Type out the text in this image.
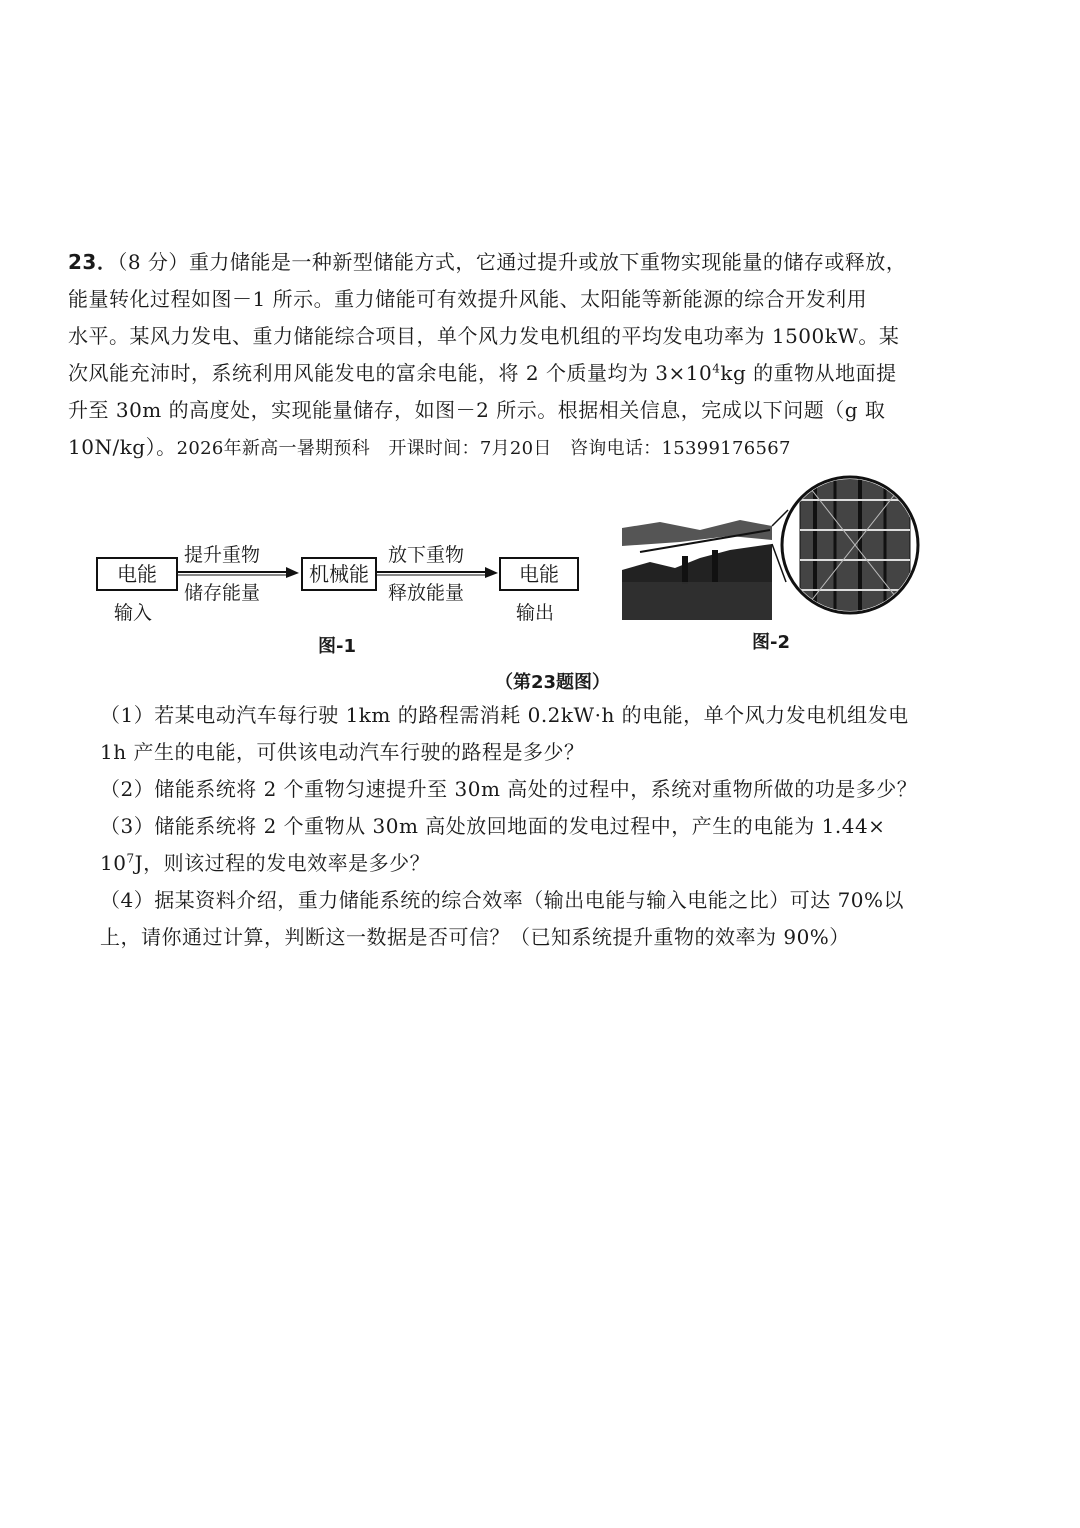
23．（8 分）重力储能是一种新型储能方式，它通过提升或放下重物实现能量的储存或释放，
能量转化过程如图－1 所示。重力储能可有效提升风能、太阳能等新能源的综合开发利用
水平。某风力发电、重力储能综合项目，单个风力发电机组的平均发电功率为 1500kW。某
次风能充沛时，系统利用风能发电的富余电能，将 2 个质量均为 $3\times 10^4kg$ 的重物从地面提
升至 30m 的高度处，实现能量储存，如图－2 所示。根据相关信息，完成以下问题（g 取
10N/kg）。2026年新高一暑期预科　开课时间：7月20日　咨询电话：15399176567
电能
提升重物
储存能量
机械能
放下重物
释放能量
电能
输入	输出
图-1	图-2
（第23题图）
（1）若某电动汽车每行驶 1km 的路程需消耗 0.2kW·h 的电能，单个风力发电机组发电
1h 产生的电能，可供该电动汽车行驶的路程是多少？
（2）储能系统将 2 个重物匀速提升至 30m 高处的过程中，系统对重物所做的功是多少？
（3）储能系统将 2 个重物从 30m 高处放回地面的发电过程中，产生的电能为 1.44×
$10^7J$，则该过程的发电效率是多少？
（4）据某资料介绍，重力储能系统的综合效率（输出电能与输入电能之比）可达 70%以
上，请你通过计算，判断这一数据是否可信？（已知系统提升重物的效率为 90%）
